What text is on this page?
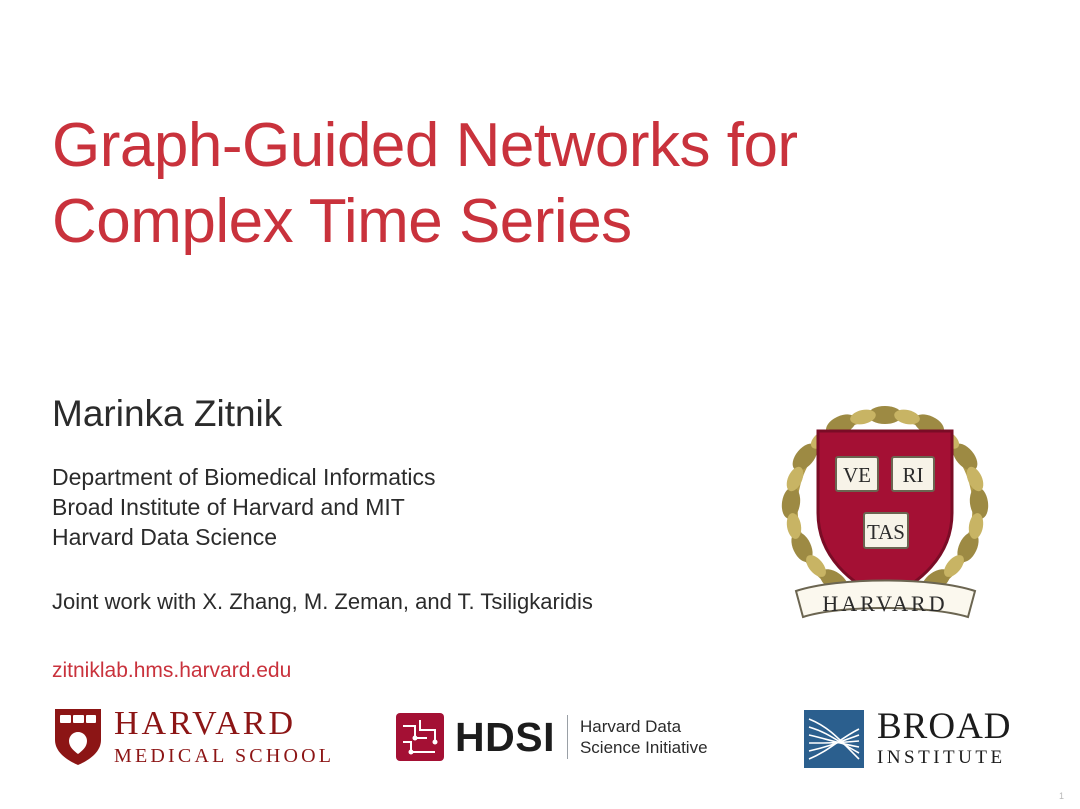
Graph-Guided Networks for
Complex Time Series
Marinka Zitnik
Department of Biomedical Informatics
Broad Institute of Harvard and MIT
Harvard Data Science
Joint work with X. Zhang, M. Zeman, and T. Tsiligkaridis
zitniklab.hms.harvard.edu
VE RI
TAS
HARVARD
HARVARD
MEDICAL SCHOOL	HDSI Harvard Data
Science Initiative
BROAD
INSTITUTE
1
